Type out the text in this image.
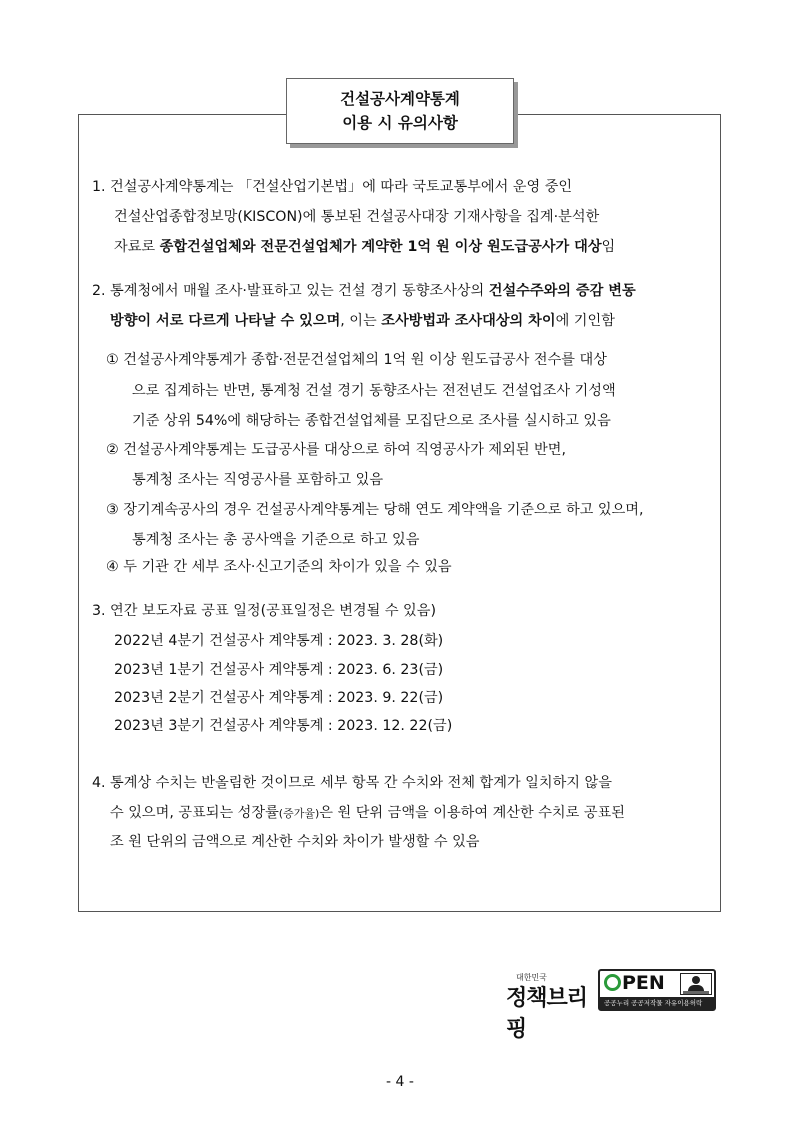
건설공사계약통계
이용 시 유의사항
1. 건설공사계약통계는 「건설산업기본법」에 따라 국토교통부에서 운영 중인
건설산업종합정보망(KISCON)에 통보된 건설공사대장 기재사항을 집계·분석한
자료로 종합건설업체와 전문건설업체가 계약한 1억 원 이상 원도급공사가 대상임
2. 통계청에서 매월 조사·발표하고 있는 건설 경기 동향조사상의 건설수주와의 증감 변동
방향이 서로 다르게 나타날 수 있으며, 이는 조사방법과 조사대상의 차이에 기인함
① 건설공사계약통계가 종합·전문건설업체의 1억 원 이상 원도급공사 전수를 대상
으로 집계하는 반면, 통계청 건설 경기 동향조사는 전전년도 건설업조사 기성액
기준 상위 54%에 해당하는 종합건설업체를 모집단으로 조사를 실시하고 있음
② 건설공사계약통계는 도급공사를 대상으로 하여 직영공사가 제외된 반면,
통계청 조사는 직영공사를 포함하고 있음
③ 장기계속공사의 경우 건설공사계약통계는 당해 연도 계약액을 기준으로 하고 있으며,
통계청 조사는 총 공사액을 기준으로 하고 있음
④ 두 기관 간 세부 조사·신고기준의 차이가 있을 수 있음
3. 연간 보도자료 공표 일정(공표일정은 변경될 수 있음)
2022년 4분기 건설공사 계약통계 : 2023. 3. 28(화)
2023년 1분기 건설공사 계약통계 : 2023. 6. 23(금)
2023년 2분기 건설공사 계약통계 : 2023. 9. 22(금)
2023년 3분기 건설공사 계약통계 : 2023. 12. 22(금)
4. 통계상 수치는 반올림한 것이므로 세부 항목 간 수치와 전체 합계가 일치하지 않을
수 있으며, 공표되는 성장률(증가율)은 원 단위 금액을 이용하여 계산한 수치로 공표된
조 원 단위의 금액으로 계산한 수치와 차이가 발생할 수 있음
대한민국
정책브리핑
PEN
공공누리 공공저작물 자유이용허락
- 4 -
